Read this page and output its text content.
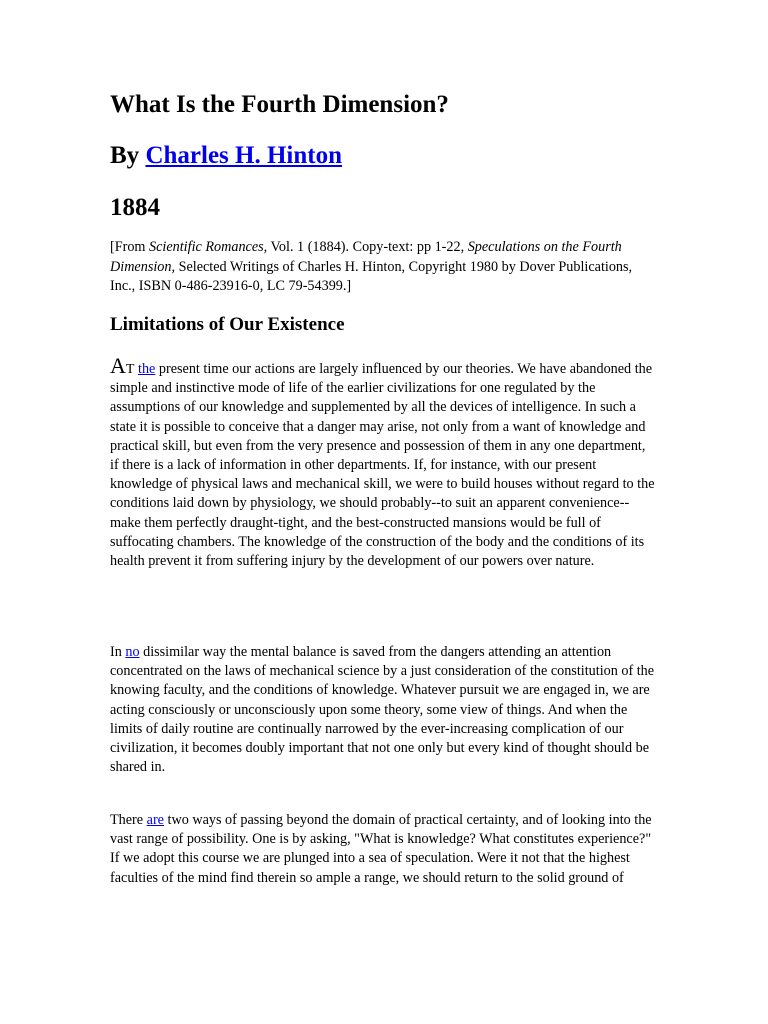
What Is the Fourth Dimension?
By Charles H. Hinton
1884

[From Scientific Romances, Vol. 1 (1884). Copy-text: pp 1-22, Speculations on the Fourth Dimension, Selected Writings of Charles H. Hinton, Copyright 1980 by Dover Publications, Inc., ISBN 0-486-23916-0, LC 79-54399.]

Limitations of Our Existence

AT the present time our actions are largely influenced by our theories. We have abandoned the simple and instinctive mode of life of the earlier civilizations for one regulated by the assumptions of our knowledge and supplemented by all the devices of intelligence. In such a state it is possible to conceive that a danger may arise, not only from a want of knowledge and practical skill, but even from the very presence and possession of them in any one department, if there is a lack of information in other departments. If, for instance, with our present knowledge of physical laws and mechanical skill, we were to build houses without regard to the conditions laid down by physiology, we should probably--to suit an apparent convenience--make them perfectly draught-tight, and the best-constructed mansions would be full of suffocating chambers. The knowledge of the construction of the body and the conditions of its health prevent it from suffering injury by the development of our powers over nature.

In no dissimilar way the mental balance is saved from the dangers attending an attention concentrated on the laws of mechanical science by a just consideration of the constitution of the knowing faculty, and the conditions of knowledge. Whatever pursuit we are engaged in, we are acting consciously or unconsciously upon some theory, some view of things. And when the limits of daily routine are continually narrowed by the ever-increasing complication of our civilization, it becomes doubly important that not one only but every kind of thought should be shared in.

There are two ways of passing beyond the domain of practical certainty, and of looking into the vast range of possibility. One is by asking, "What is knowledge? What constitutes experience?" If we adopt this course we are plunged into a sea of speculation. Were it not that the highest faculties of the mind find therein so ample a range, we should return to the solid ground of
